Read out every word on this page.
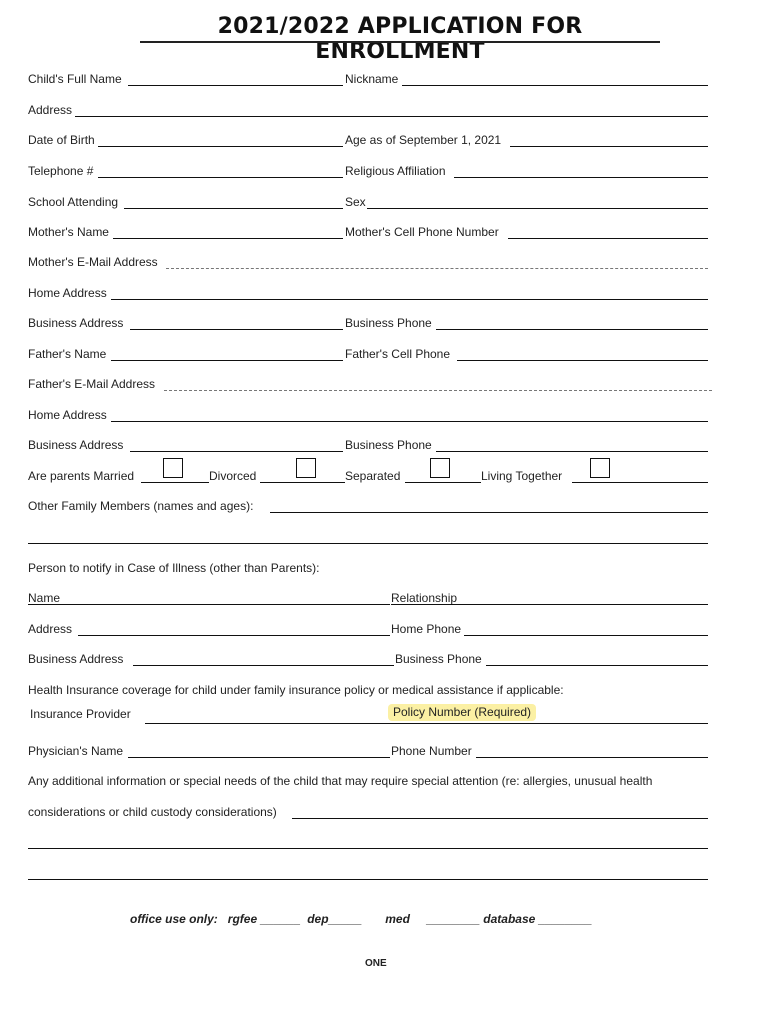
2021/2022 APPLICATION FOR ENROLLMENT
Child's Full Name	Nickname
Address
Date of Birth	Age as of September 1, 2021
Telephone #	Religious Affiliation
School Attending	Sex
Mother's Name	Mother's Cell Phone Number
Mother's E-Mail Address
Home Address
Business Address	Business Phone
Father's Name	Father's Cell Phone
Father's E-Mail Address
Home Address
Business Address	Business Phone
Are parents Married	Divorced	Separated	Living Together
Other Family Members (names and ages):
Person to notify in Case of Illness (other than Parents):
Name	Relationship
Address	Home Phone
Business Address	Business Phone
Health Insurance coverage for child under family insurance policy or medical assistance if applicable:
Insurance Provider	Policy Number (Required)
Physician's Name	Phone Number
Any additional information or special needs of the child that may require special attention (re: allergies, unusual health
considerations or child custody considerations)
office use only:   rgfee ______  dep_____       med     ________ database ________
ONE
